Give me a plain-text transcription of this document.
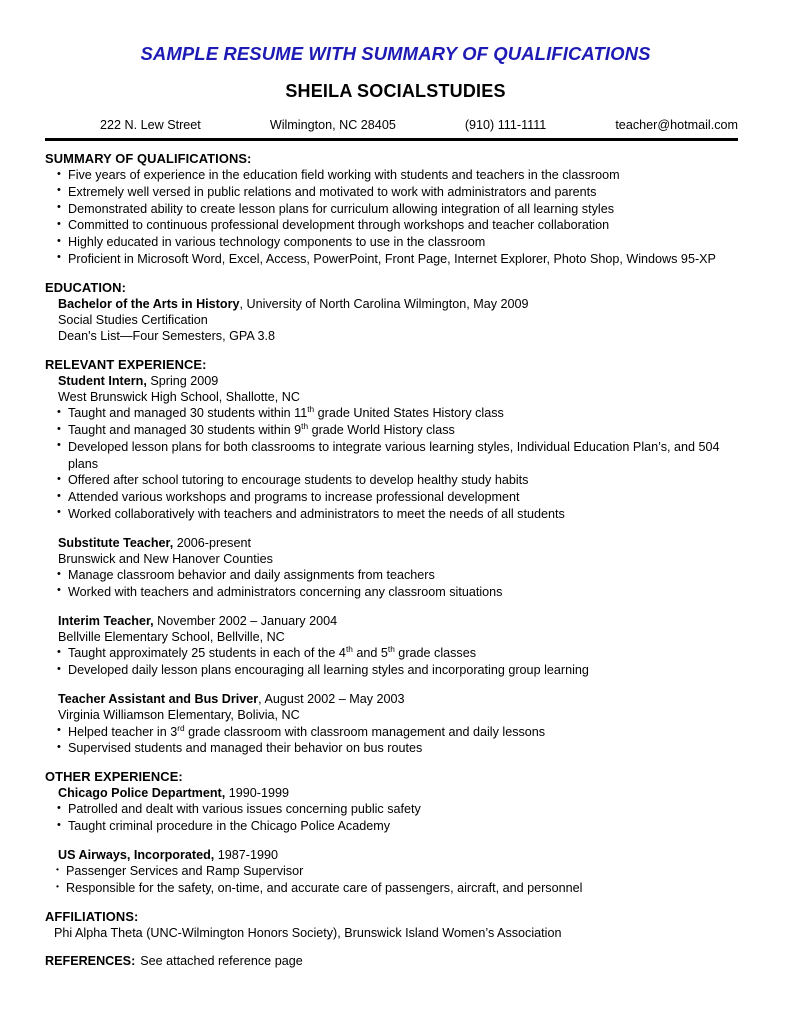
SAMPLE RESUME WITH SUMMARY OF QUALIFICATIONS
SHEILA SOCIALSTUDIES
222 N. Lew Street	Wilmington, NC 28405	(910) 111-1111	teacher@hotmail.com
SUMMARY OF QUALIFICATIONS:
• Five years of experience in the education field working with students and teachers in the classroom
• Extremely well versed in public relations and motivated to work with administrators and parents
• Demonstrated ability to create lesson plans for curriculum allowing integration of all learning styles
• Committed to continuous professional development through workshops and teacher collaboration
• Highly educated in various technology components to use in the classroom
• Proficient in Microsoft Word, Excel, Access, PowerPoint, Front Page, Internet Explorer, Photo Shop, Windows 95-XP
EDUCATION:
Bachelor of the Arts in History, University of North Carolina Wilmington, May 2009
Social Studies Certification
Dean's List—Four Semesters, GPA 3.8
RELEVANT EXPERIENCE:
Student Intern, Spring 2009
West Brunswick High School, Shallotte, NC
• Taught and managed 30 students within 11th grade United States History class
• Taught and managed 30 students within 9th grade World History class
• Developed lesson plans for both classrooms to integrate various learning styles, Individual Education Plan’s, and 504 plans
• Offered after school tutoring to encourage students to develop healthy study habits
• Attended various workshops and programs to increase professional development
• Worked collaboratively with teachers and administrators to meet the needs of all students
Substitute Teacher, 2006-present
Brunswick and New Hanover Counties
• Manage classroom behavior and daily assignments from teachers
• Worked with teachers and administrators concerning any classroom situations
Interim Teacher, November 2002 – January 2004
Bellville Elementary School, Bellville, NC
• Taught approximately 25 students in each of the 4th and 5th grade classes
• Developed daily lesson plans encouraging all learning styles and incorporating group learning
Teacher Assistant and Bus Driver, August 2002 – May 2003
Virginia Williamson Elementary, Bolivia, NC
• Helped teacher in 3rd grade classroom with classroom management and daily lessons
• Supervised students and managed their behavior on bus routes
OTHER EXPERIENCE:
Chicago Police Department, 1990-1999
• Patrolled and dealt with various issues concerning public safety
• Taught criminal procedure in the Chicago Police Academy
US Airways, Incorporated, 1987-1990
• Passenger Services and Ramp Supervisor
• Responsible for the safety, on-time, and accurate care of passengers, aircraft, and personnel
AFFILIATIONS:
Phi Alpha Theta (UNC-Wilmington Honors Society), Brunswick Island Women’s Association
REFERENCES: See attached reference page
